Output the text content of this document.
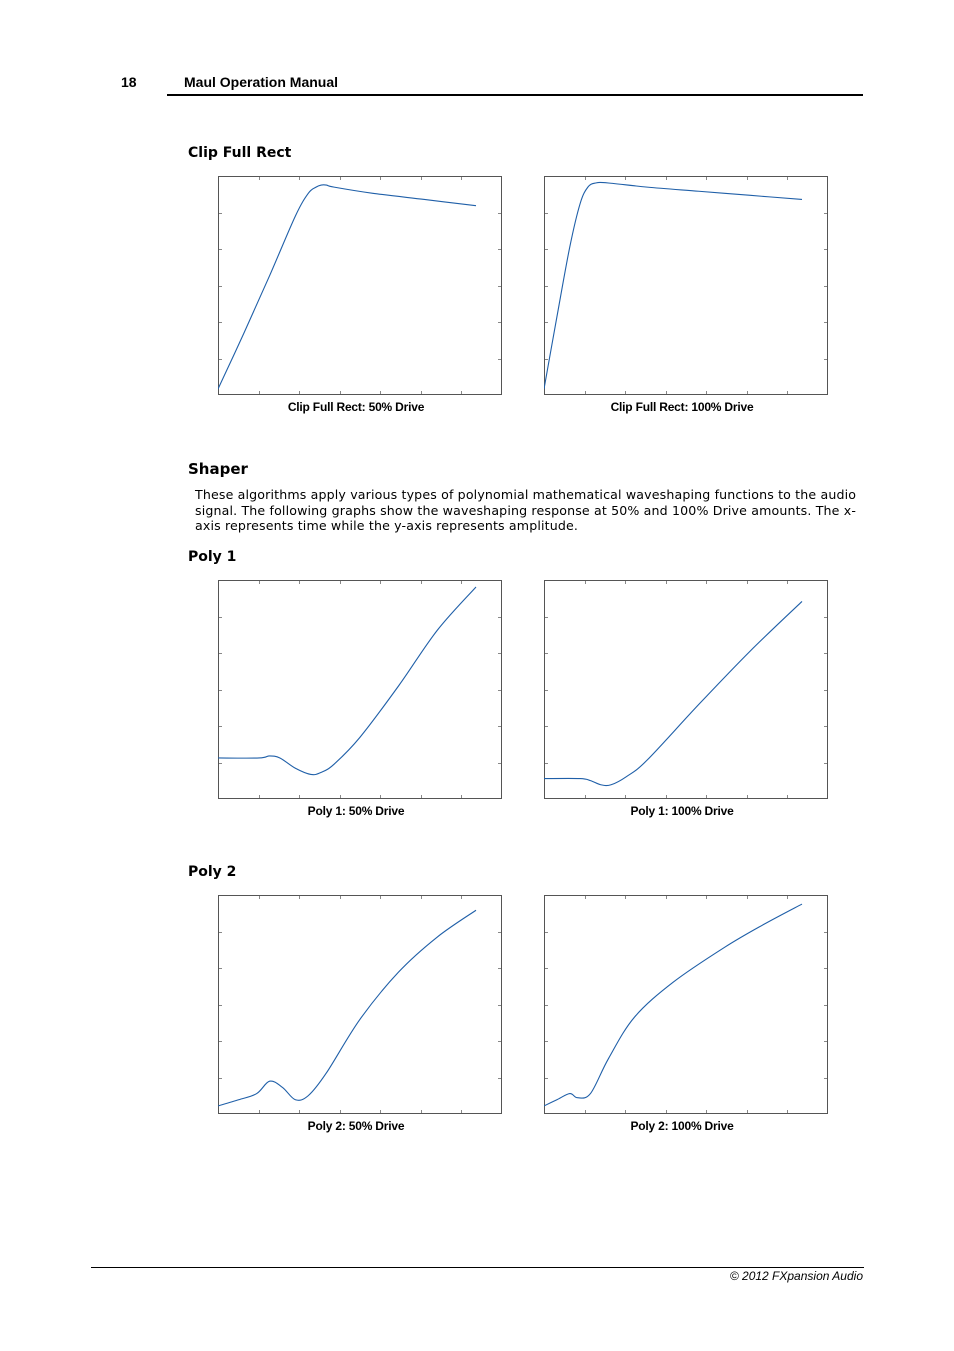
18	Maul Operation Manual
Clip Full Rect
Clip Full Rect: 50% Drive	Clip Full Rect: 100% Drive
Shaper

These algorithms apply various types of polynomial mathematical waveshaping functions to the audio signal. The following graphs show the waveshaping response at 50% and 100% Drive amounts. The x-axis represents time while the y-axis represents amplitude.

Poly 1
Poly 1: 50% Drive	Poly 1: 100% Drive
Poly 2
Poly 2: 50% Drive	Poly 2: 100% Drive
© 2012 FXpansion Audio
